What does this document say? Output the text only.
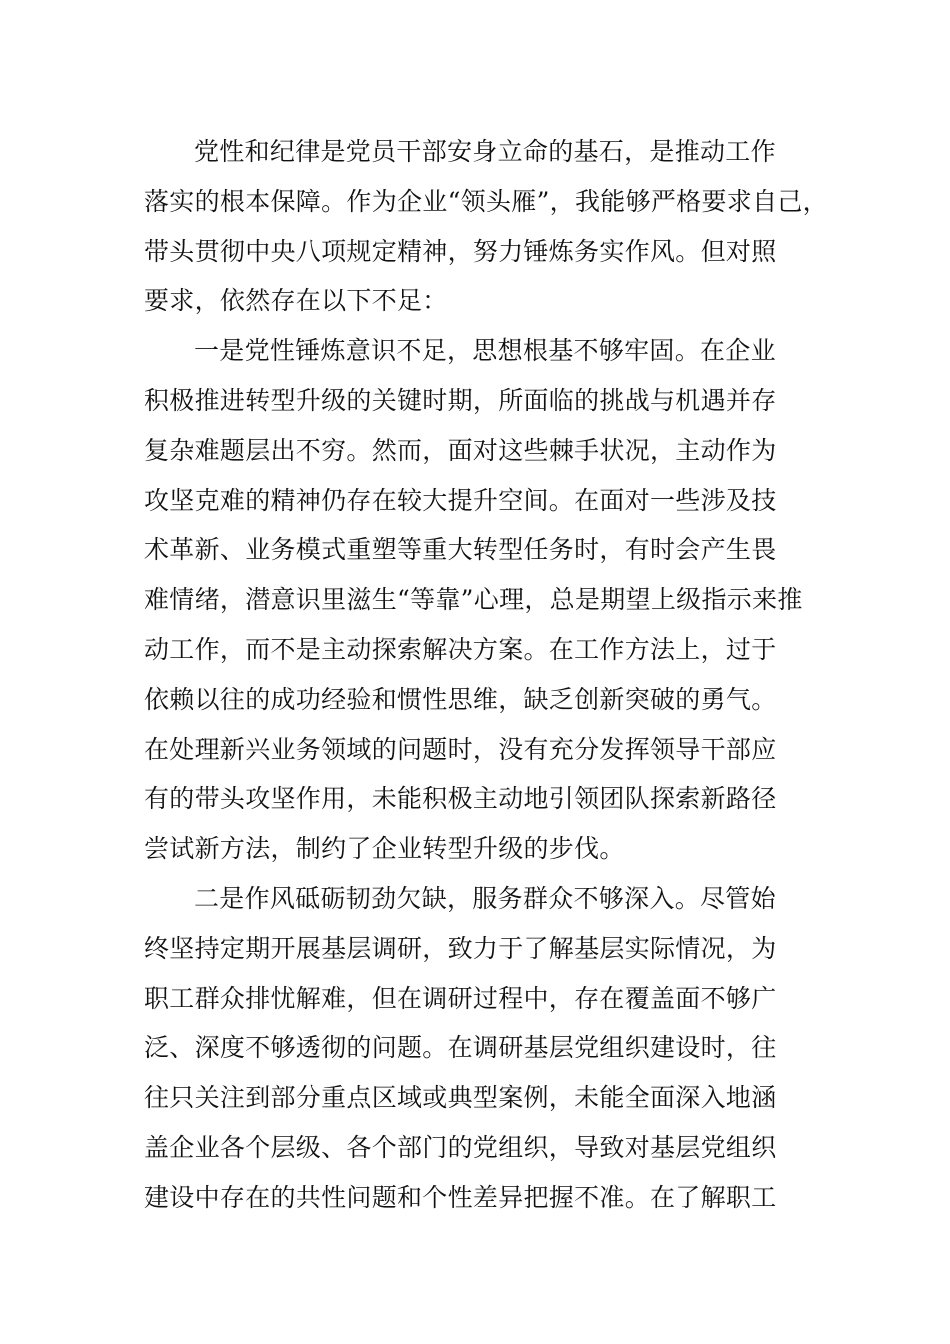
党性和纪律是党员干部安身立命的基石，是推动工作
落实的根本保障。作为企业“领头雁”，我能够严格要求自己，
带头贯彻中央八项规定精神，努力锤炼务实作风。但对照
要求，依然存在以下不足：
一是党性锤炼意识不足，思想根基不够牢固。在企业
积极推进转型升级的关键时期，所面临的挑战与机遇并存
复杂难题层出不穷。然而，面对这些棘手状况，主动作为
攻坚克难的精神仍存在较大提升空间。在面对一些涉及技
术革新、业务模式重塑等重大转型任务时，有时会产生畏
难情绪，潜意识里滋生“等靠”心理，总是期望上级指示来推
动工作，而不是主动探索解决方案。在工作方法上，过于
依赖以往的成功经验和惯性思维，缺乏创新突破的勇气。
在处理新兴业务领域的问题时，没有充分发挥领导干部应
有的带头攻坚作用，未能积极主动地引领团队探索新路径
尝试新方法，制约了企业转型升级的步伐。
二是作风砥砺韧劲欠缺，服务群众不够深入。尽管始
终坚持定期开展基层调研，致力于了解基层实际情况，为
职工群众排忧解难，但在调研过程中，存在覆盖面不够广
泛、深度不够透彻的问题。在调研基层党组织建设时，往
往只关注到部分重点区域或典型案例，未能全面深入地涵
盖企业各个层级、各个部门的党组织，导致对基层党组织
建设中存在的共性问题和个性差异把握不准。在了解职工
